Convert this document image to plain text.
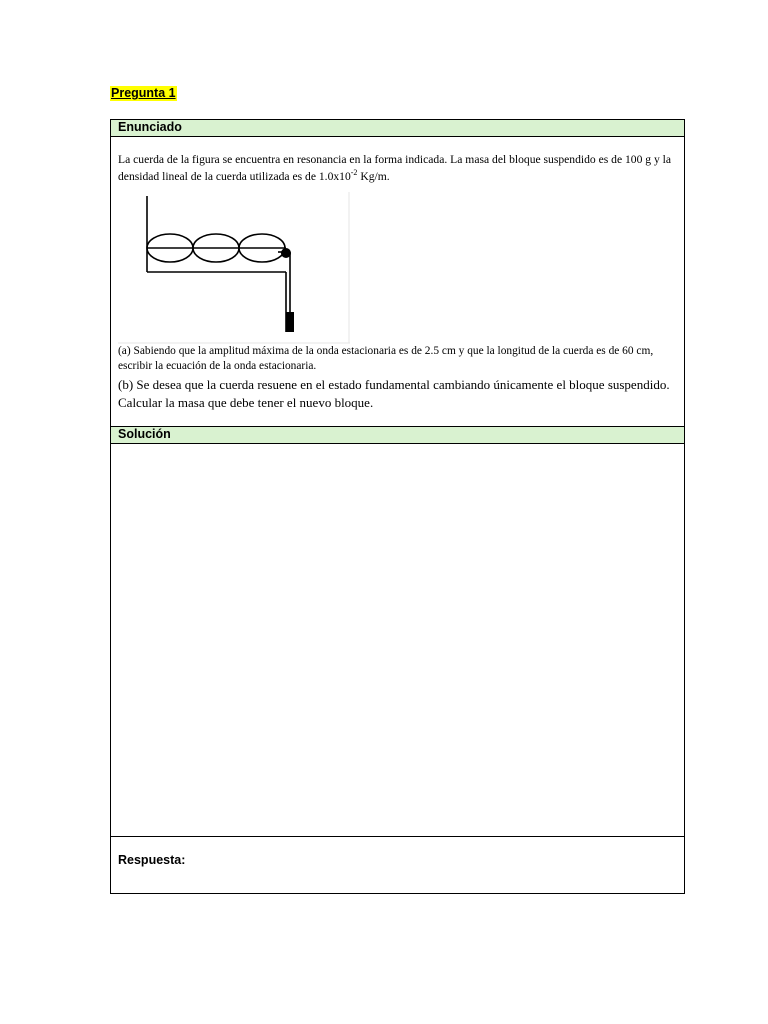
Pregunta 1
Enunciado
La cuerda de la figura se encuentra en resonancia en la forma indicada. La masa del bloque suspendido es de 100 g y la densidad lineal de la cuerda utilizada es de $1.0x10^{-2}$ Kg/m.
(a) Sabiendo que la amplitud máxima de la onda estacionaria es de 2.5 cm y que la longitud de la cuerda es de 60 cm, escribir la ecuación de la onda estacionaria.
(b) Se desea que la cuerda resuene en el estado fundamental cambiando únicamente el bloque suspendido. Calcular la masa que debe tener el nuevo bloque.
Solución
Respuesta:
